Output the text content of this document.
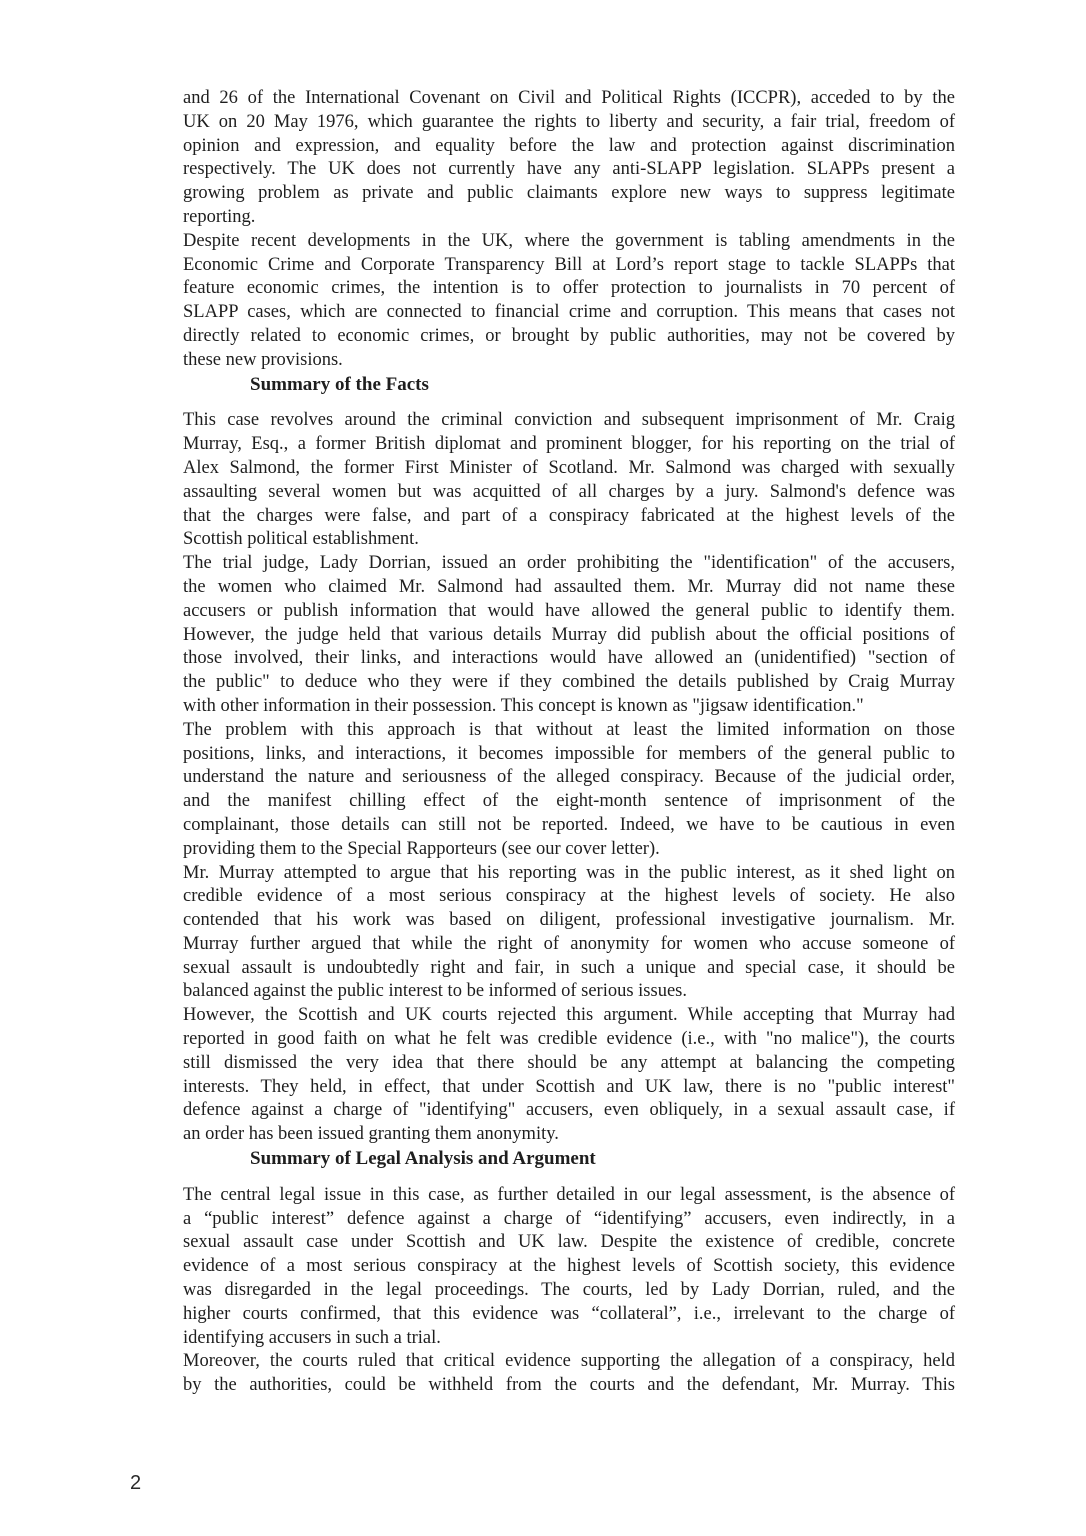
and 26 of the International Covenant on Civil and Political Rights (ICCPR), acceded to by the
UK on 20 May 1976, which guarantee the rights to liberty and security, a fair trial, freedom of
opinion and expression, and equality before the law and protection against discrimination
respectively. The UK does not currently have any anti-SLAPP legislation. SLAPPs present a
growing problem as private and public claimants explore new ways to suppress legitimate
reporting.
Despite recent developments in the UK, where the government is tabling amendments in the
Economic Crime and Corporate Transparency Bill at Lord’s report stage to tackle SLAPPs that
feature economic crimes, the intention is to offer protection to journalists in 70 percent of
SLAPP cases, which are connected to financial crime and corruption. This means that cases not
directly related to economic crimes, or brought by public authorities, may not be covered by
these new provisions.
Summary of the Facts
This case revolves around the criminal conviction and subsequent imprisonment of Mr. Craig
Murray, Esq., a former British diplomat and prominent blogger, for his reporting on the trial of
Alex Salmond, the former First Minister of Scotland. Mr. Salmond was charged with sexually
assaulting several women but was acquitted of all charges by a jury. Salmond's defence was
that the charges were false, and part of a conspiracy fabricated at the highest levels of the
Scottish political establishment.
The trial judge, Lady Dorrian, issued an order prohibiting the "identification" of the accusers,
the women who claimed Mr. Salmond had assaulted them. Mr. Murray did not name these
accusers or publish information that would have allowed the general public to identify them.
However, the judge held that various details Murray did publish about the official positions of
those involved, their links, and interactions would have allowed an (unidentified) "section of
the public" to deduce who they were if they combined the details published by Craig Murray
with other information in their possession. This concept is known as "jigsaw identification."
The problem with this approach is that without at least the limited information on those
positions, links, and interactions, it becomes impossible for members of the general public to
understand the nature and seriousness of the alleged conspiracy. Because of the judicial order,
and the manifest chilling effect of the eight-month sentence of imprisonment of the
complainant, those details can still not be reported. Indeed, we have to be cautious in even
providing them to the Special Rapporteurs (see our cover letter).
Mr. Murray attempted to argue that his reporting was in the public interest, as it shed light on
credible evidence of a most serious conspiracy at the highest levels of society. He also
contended that his work was based on diligent, professional investigative journalism. Mr.
Murray further argued that while the right of anonymity for women who accuse someone of
sexual assault is undoubtedly right and fair, in such a unique and special case, it should be
balanced against the public interest to be informed of serious issues.
However, the Scottish and UK courts rejected this argument. While accepting that Murray had
reported in good faith on what he felt was credible evidence (i.e., with "no malice"), the courts
still dismissed the very idea that there should be any attempt at balancing the competing
interests. They held, in effect, that under Scottish and UK law, there is no "public interest"
defence against a charge of "identifying" accusers, even obliquely, in a sexual assault case, if
an order has been issued granting them anonymity.
Summary of Legal Analysis and Argument
The central legal issue in this case, as further detailed in our legal assessment, is the absence of
a “public interest” defence against a charge of “identifying” accusers, even indirectly, in a
sexual assault case under Scottish and UK law. Despite the existence of credible, concrete
evidence of a most serious conspiracy at the highest levels of Scottish society, this evidence
was disregarded in the legal proceedings. The courts, led by Lady Dorrian, ruled, and the
higher courts confirmed, that this evidence was “collateral”, i.e., irrelevant to the charge of
identifying accusers in such a trial.
Moreover, the courts ruled that critical evidence supporting the allegation of a conspiracy, held
by the authorities, could be withheld from the courts and the defendant, Mr. Murray. This
2
